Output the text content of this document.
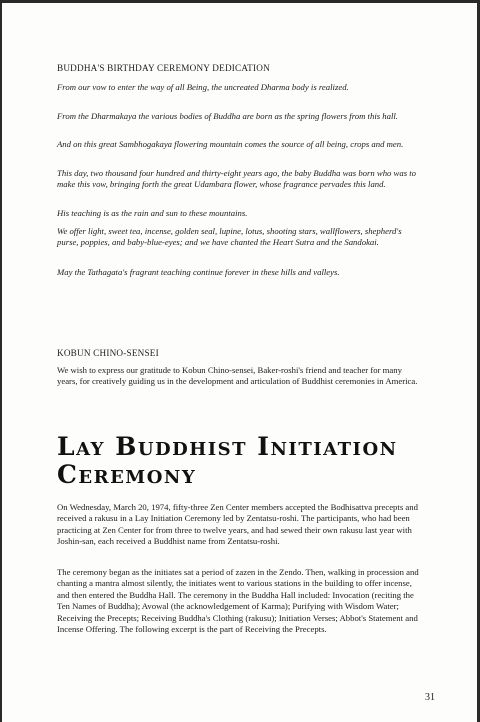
BUDDHA'S BIRTHDAY CEREMONY DEDICATION

From our vow to enter the way of all Being, the uncreated Dharma body is realized.

From the Dharmakaya the various bodies of Buddha are born as the spring flowers from this hall.

And on this great Sambhogakaya flowering mountain comes the source of all being, crops and men.

This day, two thousand four hundred and thirty-eight years ago, the baby Buddha was born who was to make this vow, bringing forth the great Udambara flower, whose fragrance pervades this land.

His teaching is as the rain and sun to these mountains.

We offer light, sweet tea, incense, golden seal, lupine, lotus, shooting stars, wallflowers, shepherd's purse, poppies, and baby-blue-eyes; and we have chanted the Heart Sutra and the Sandokai.

May the Tathagata's fragrant teaching continue forever in these hills and valleys.

KOBUN CHINO-SENSEI

We wish to express our gratitude to Kobun Chino-sensei, Baker-roshi's friend and teacher for many years, for creatively guiding us in the development and articulation of Buddhist ceremonies in America.

Lay Buddhist Initiation

Ceremony

On Wednesday, March 20, 1974, fifty-three Zen Center members accepted the Bodhisattva precepts and received a rakusu in a Lay Initiation Ceremony led by Zentatsu-roshi. The participants, who had been practicing at Zen Center for from three to twelve years, and had sewed their own rakusu last year with Joshin-san, each received a Buddhist name from Zentatsu-roshi.

The ceremony began as the initiates sat a period of zazen in the Zendo. Then, walking in procession and chanting a mantra almost silently, the initiates went to various stations in the building to offer incense, and then entered the Buddha Hall. The ceremony in the Buddha Hall included: Invocation (reciting the Ten Names of Buddha); Avowal (the acknowledgement of Karma); Purifying with Wisdom Water; Receiving the Precepts; Receiving Buddha's Clothing (rakusu); Initiation Verses; Abbot's Statement and Incense Offering. The following excerpt is the part of Receiving the Precepts.

31
